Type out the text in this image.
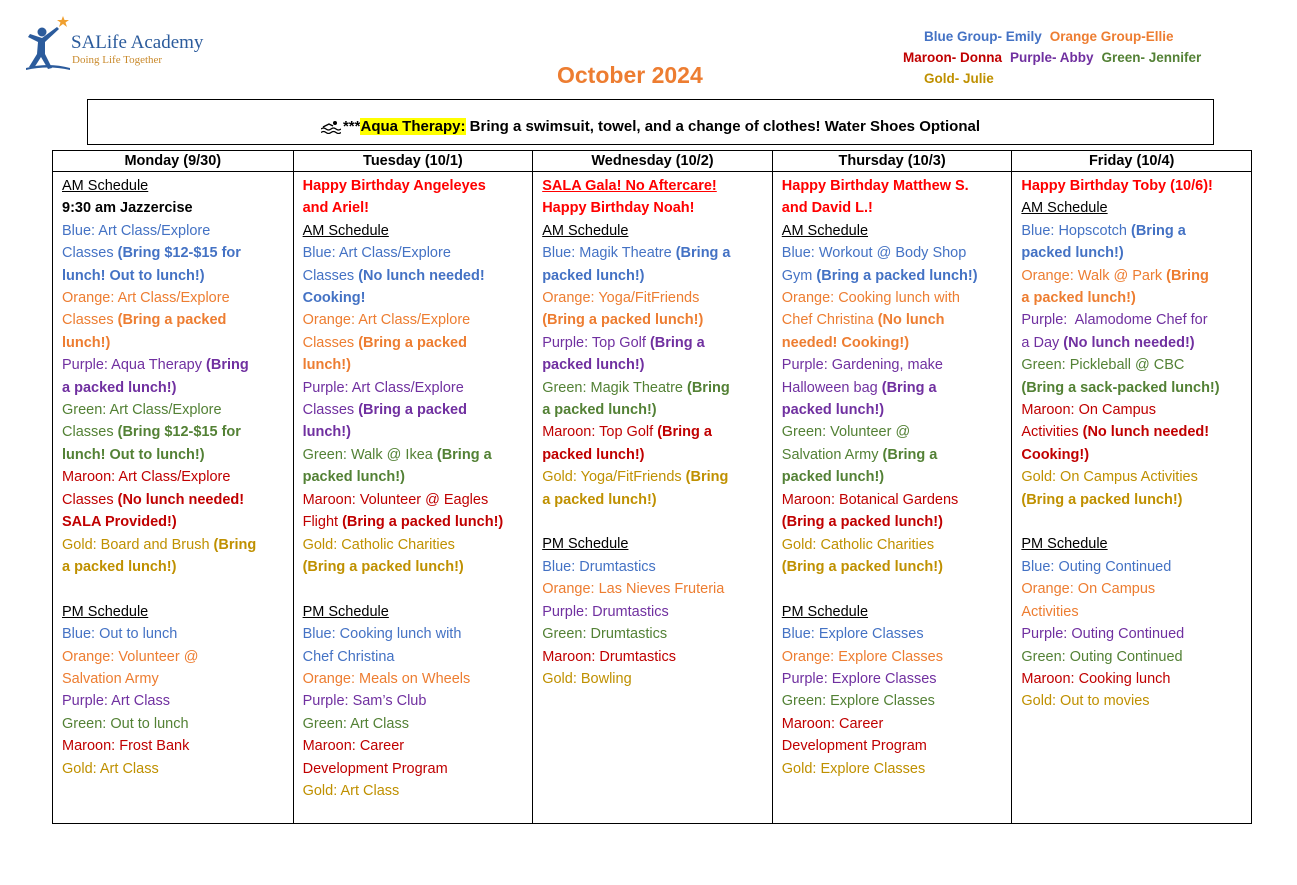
SALife Academy
Doing Life Together
October 2024
Blue Group- Emily Orange Group-Ellie
Maroon- Donna Purple- Abby Green- Jennifer
Gold- Julie
***Aqua Therapy: Bring a swimsuit, towel, and a change of clothes! Water Shoes Optional
Monday (9/30)
AM Schedule
9:30 am Jazzercise
Blue: Art Class/Explore
Classes (Bring $12-$15 for
lunch! Out to lunch!)
Orange: Art Class/Explore
Classes (Bring a packed
lunch!)
Purple: Aqua Therapy (Bring
a packed lunch!)
Green: Art Class/Explore
Classes (Bring $12-$15 for
lunch! Out to lunch!)
Maroon: Art Class/Explore
Classes (No lunch needed!
SALA Provided!)
Gold: Board and Brush (Bring
a packed lunch!)
PM Schedule
Blue: Out to lunch
Orange: Volunteer @
Salvation Army
Purple: Art Class
Green: Out to lunch
Maroon: Frost Bank
Gold: Art Class
Tuesday (10/1)
Happy Birthday Angeleyes
and Ariel!
AM Schedule
Blue: Art Class/Explore
Classes (No lunch needed!
Cooking!
Orange: Art Class/Explore
Classes (Bring a packed
lunch!)
Purple: Art Class/Explore
Classes (Bring a packed
lunch!)
Green: Walk @ Ikea (Bring a
packed lunch!)
Maroon: Volunteer @ Eagles
Flight (Bring a packed lunch!)
Gold: Catholic Charities
(Bring a packed lunch!)
PM Schedule
Blue: Cooking lunch with
Chef Christina
Orange: Meals on Wheels
Purple: Sam’s Club
Green: Art Class
Maroon: Career
Development Program
Gold: Art Class
Wednesday (10/2)
SALA Gala! No Aftercare!
Happy Birthday Noah!
AM Schedule
Blue: Magik Theatre (Bring a
packed lunch!)
Orange: Yoga/FitFriends
(Bring a packed lunch!)
Purple: Top Golf (Bring a
packed lunch!)
Green: Magik Theatre (Bring
a packed lunch!)
Maroon: Top Golf (Bring a
packed lunch!)
Gold: Yoga/FitFriends (Bring
a packed lunch!)
PM Schedule
Blue: Drumtastics
Orange: Las Nieves Fruteria
Purple: Drumtastics
Green: Drumtastics
Maroon: Drumtastics
Gold: Bowling
Thursday (10/3)
Happy Birthday Matthew S.
and David L.!
AM Schedule
Blue: Workout @ Body Shop
Gym (Bring a packed lunch!)
Orange: Cooking lunch with
Chef Christina (No lunch
needed! Cooking!)
Purple: Gardening, make
Halloween bag (Bring a
packed lunch!)
Green: Volunteer @
Salvation Army (Bring a
packed lunch!)
Maroon: Botanical Gardens
(Bring a packed lunch!)
Gold: Catholic Charities
(Bring a packed lunch!)
PM Schedule
Blue: Explore Classes
Orange: Explore Classes
Purple: Explore Classes
Green: Explore Classes
Maroon: Career
Development Program
Gold: Explore Classes
Friday (10/4)
Happy Birthday Toby (10/6)!
AM Schedule
Blue: Hopscotch (Bring a
packed lunch!)
Orange: Walk @ Park (Bring
a packed lunch!)
Purple:  Alamodome Chef for
a Day (No lunch needed!)
Green: Pickleball @ CBC
(Bring a sack-packed lunch!)
Maroon: On Campus
Activities (No lunch needed!
Cooking!)
Gold: On Campus Activities
(Bring a packed lunch!)
PM Schedule
Blue: Outing Continued
Orange: On Campus
Activities
Purple: Outing Continued
Green: Outing Continued
Maroon: Cooking lunch
Gold: Out to movies
